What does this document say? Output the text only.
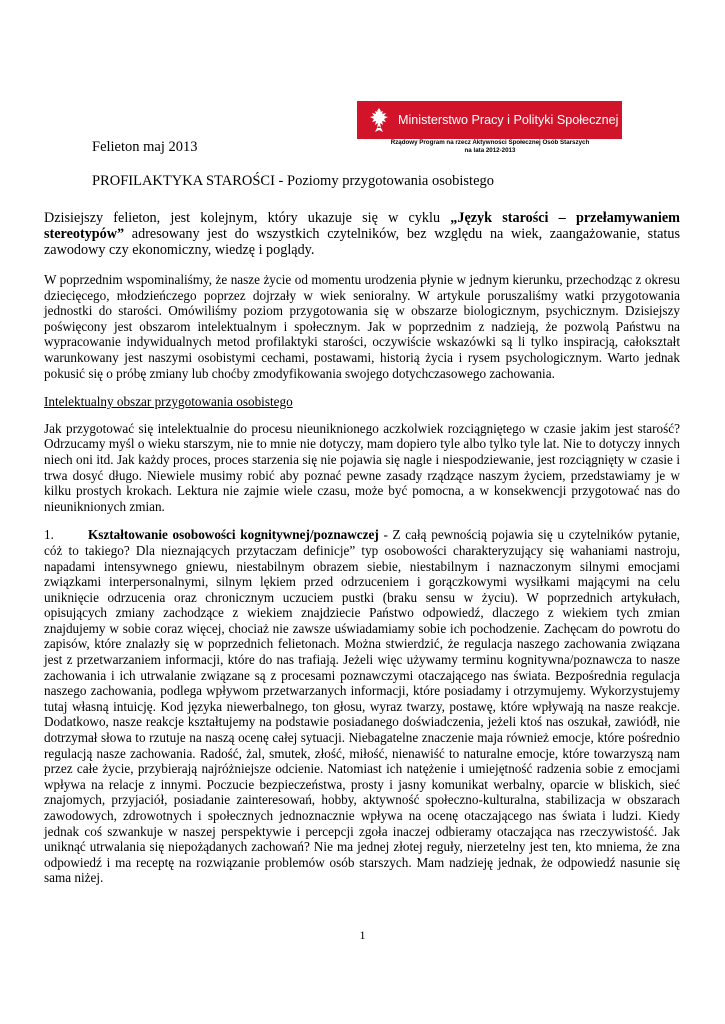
Ministerstwo Pracy i Polityki Społecznej
Rządowy Program na rzecz Aktywności Społecznej Osób Starszych
na lata 2012-2013
Felieton maj 2013
PROFILAKTYKA STAROŚCI - Poziomy przygotowania osobistego

Dzisiejszy felieton, jest kolejnym, który ukazuje się w cyklu „Język starości – przełamywaniem stereotypów” adresowany jest do wszystkich czytelników, bez względu na wiek, zaangażowanie, status zawodowy czy ekonomiczny, wiedzę i poglądy.

W poprzednim wspominaliśmy, że nasze życie od momentu urodzenia płynie w jednym kierunku, przechodząc z okresu dziecięcego, młodzieńczego poprzez dojrzały w wiek senioralny. W artykule poruszaliśmy watki przygotowania jednostki do starości. Omówiliśmy poziom przygotowania się w obszarze biologicznym, psychicznym. Dzisiejszy poświęcony jest obszarom intelektualnym i społecznym. Jak w poprzednim z nadzieją, że pozwolą Państwu na wypracowanie indywidualnych metod profilaktyki starości, oczywiście wskazówki są li tylko inspiracją, całokształt warunkowany jest naszymi osobistymi cechami, postawami, historią życia i rysem psychologicznym. Warto jednak pokusić się o próbę zmiany lub choćby zmodyfikowania swojego dotychczasowego zachowania.

Intelektualny obszar przygotowania osobistego

Jak przygotować się intelektualnie do procesu nieuniknionego aczkolwiek rozciągniętego w czasie jakim jest starość? Odrzucamy myśl o wieku starszym, nie to mnie nie dotyczy, mam dopiero tyle albo tylko tyle lat. Nie to dotyczy innych niech oni itd. Jak każdy proces, proces starzenia się nie pojawia się nagle i niespodziewanie, jest rozciągnięty w czasie i trwa dosyć długo. Niewiele musimy robić aby poznać pewne zasady rządzące naszym życiem, przedstawiamy je w kilku prostych krokach. Lektura nie zajmie wiele czasu, może być pomocna, a w konsekwencji przygotować nas do nieuniknionych zmian.

1.	Kształtowanie osobowości kognitywnej/poznawczej - Z całą pewnością pojawia się u czytelników pytanie, cóż to takiego? Dla nieznających przytaczam definicje” typ osobowości charakteryzujący się wahaniami nastroju, napadami intensywnego gniewu, niestabilnym obrazem siebie, niestabilnym i naznaczonym silnymi emocjami związkami interpersonalnymi, silnym lękiem przed odrzuceniem i gorączkowymi wysiłkami mającymi na celu uniknięcie odrzucenia oraz chronicznym uczuciem pustki (braku sensu w życiu). W poprzednich artykułach, opisujących zmiany zachodzące z wiekiem znajdziecie Państwo odpowiedź, dlaczego z wiekiem tych zmian znajdujemy w sobie coraz więcej, chociaż nie zawsze uświadamiamy sobie ich pochodzenie. Zachęcam do powrotu do zapisów, które znalazły się w poprzednich felietonach. Można stwierdzić, że regulacja naszego zachowania związana jest z przetwarzaniem informacji, które do nas trafiają. Jeżeli więc używamy terminu kognitywna/poznawcza to nasze zachowania i ich utrwalanie związane są z procesami poznawczymi otaczającego nas świata. Bezpośrednia regulacja naszego zachowania, podlega wpływom przetwarzanych informacji, które posiadamy i otrzymujemy. Wykorzystujemy tutaj własną intuicję. Kod języka niewerbalnego, ton głosu, wyraz twarzy, postawę, które wpływają na nasze reakcje. Dodatkowo, nasze reakcje kształtujemy na podstawie posiadanego doświadczenia, jeżeli ktoś nas oszukał, zawiódł, nie dotrzymał słowa to rzutuje na naszą ocenę całej sytuacji. Niebagatelne znaczenie maja również emocje, które pośrednio regulacją nasze zachowania. Radość, żal, smutek, złość, miłość, nienawiść to naturalne emocje, które towarzyszą nam przez całe życie, przybierają najróżniejsze odcienie. Natomiast ich natężenie i umiejętność radzenia sobie z emocjami wpływa na relacje z innymi. Poczucie bezpieczeństwa, prosty i jasny komunikat werbalny, oparcie w bliskich, sieć znajomych, przyjaciół, posiadanie zainteresowań, hobby, aktywność społeczno-kulturalna, stabilizacja w obszarach zawodowych, zdrowotnych i społecznych jednoznacznie wpływa na ocenę otaczającego nas świata i ludzi. Kiedy jednak coś szwankuje w naszej perspektywie i percepcji zgoła inaczej odbieramy otaczająca nas rzeczywistość. Jak uniknąć utrwalania się niepożądanych zachowań? Nie ma jednej złotej reguły, nierzetelny jest ten, kto mniema, że zna odpowiedź i ma receptę na rozwiązanie problemów osób starszych. Mam nadzieję jednak, że odpowiedź nasunie się sama niżej.

1
